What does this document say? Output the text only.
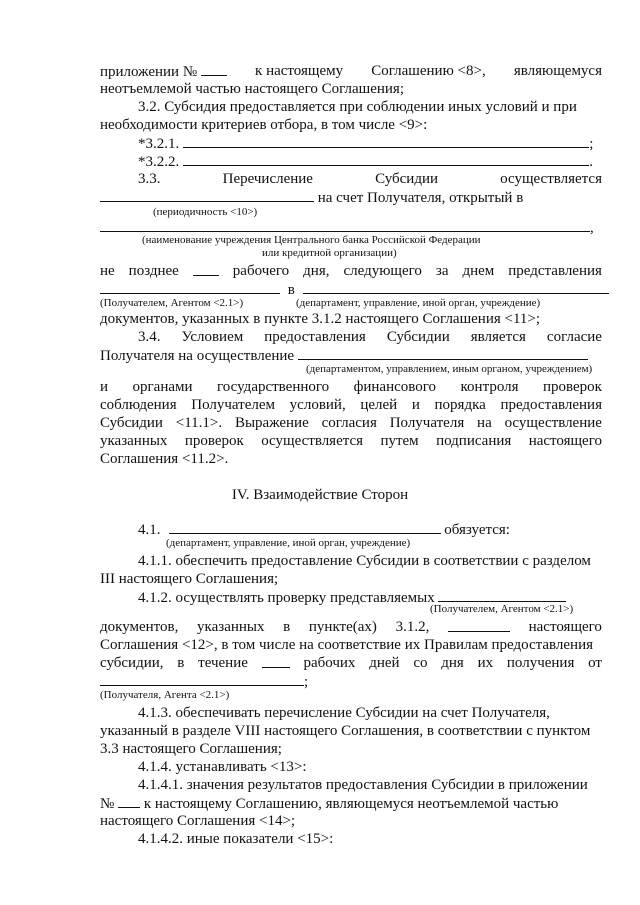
приложении №	к настоящему Соглашению <8>, являющемуся
неотъемлемой частью настоящего Соглашения;
3.2. Субсидия предоставляется при соблюдении иных условий и при
необходимости критериев отбора, в том числе <9>:
*3.2.1.	;
*3.2.2.	.
3.3.	Перечисление	Субсидии	осуществляется
на счет Получателя, открытый в
(периодичность <10>)
,
(наименование учреждения Центрального банка Российской Федерации
или кредитной организации)
не позднее	рабочего дня, следующего за днем представления
в
(Получателем, Агентом <2.1>)	(департамент, управление, иной орган, учреждение)
документов, указанных в пункте 3.1.2 настоящего Соглашения <11>;
3.4. Условием предоставления Субсидии является согласие
Получателя на осуществление
(департаментом, управлением, иным органом, учреждением)
и органами государственного финансового контроля проверок
соблюдения Получателем условий, целей и порядка предоставления
Субсидии <11.1>. Выражение согласия Получателя на осуществление
указанных проверок осуществляется путем подписания настоящего
Соглашения <11.2>.
IV. Взаимодействие Сторон
4.1.	обязуется:
(департамент, управление, иной орган, учреждение)
4.1.1. обеспечить предоставление Субсидии в соответствии с разделом
III настоящего Соглашения;
4.1.2. осуществлять проверку представляемых
(Получателем, Агентом <2.1>)
документов, указанных в пункте(ах) 3.1.2,	настоящего
Соглашения <12>, в том числе на соответствие их Правилам предоставления
субсидии, в течение	рабочих дней со дня их получения от
;
(Получателя, Агента <2.1>)
4.1.3. обеспечивать перечисление Субсидии на счет Получателя,
указанный в разделе VIII настоящего Соглашения, в соответствии с пунктом
3.3 настоящего Соглашения;
4.1.4. устанавливать <13>:
4.1.4.1. значения результатов предоставления Субсидии в приложении
№ к настоящему Соглашению, являющемуся неотъемлемой частью
настоящего Соглашения <14>;
4.1.4.2. иные показатели <15>:
